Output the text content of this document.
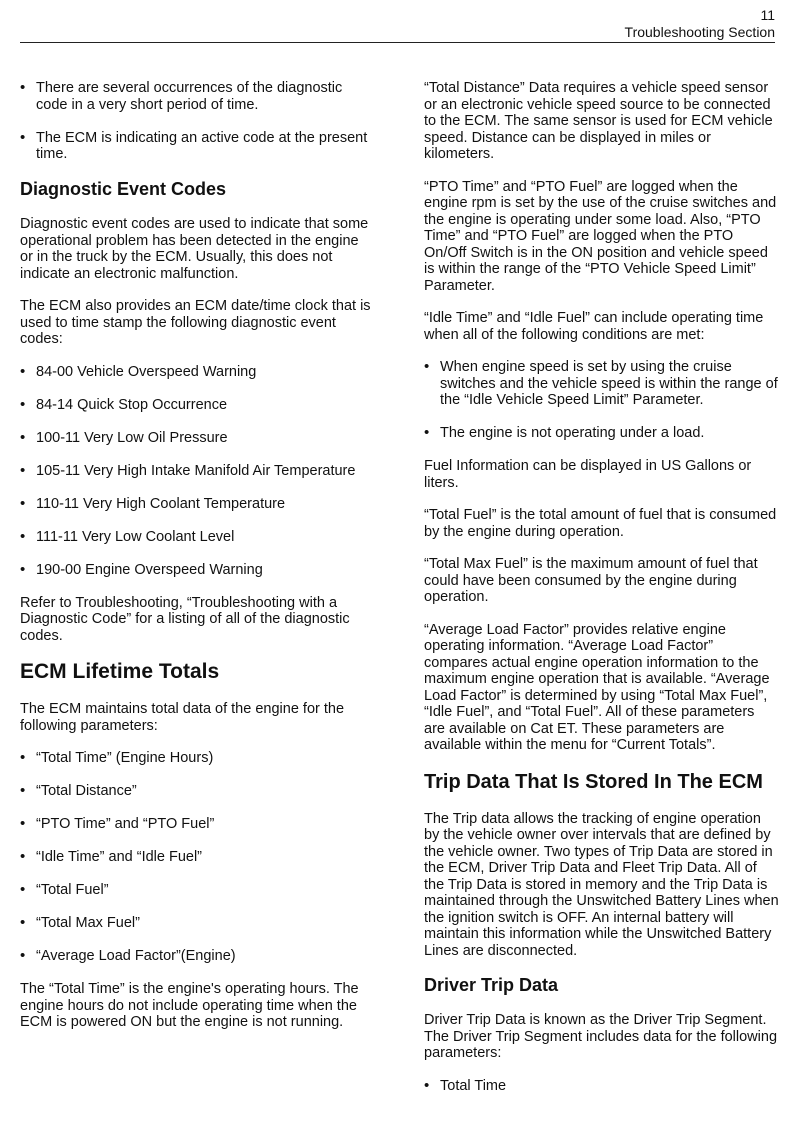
11
Troubleshooting Section
• There are several occurrences of the diagnostic code in a very short period of time.
• The ECM is indicating an active code at the present time.
Diagnostic Event Codes

Diagnostic event codes are used to indicate that some operational problem has been detected in the engine or in the truck by the ECM. Usually, this does not indicate an electronic malfunction.

The ECM also provides an ECM date/time clock that is used to time stamp the following diagnostic event codes:

• 84-00 Vehicle Overspeed Warning
• 84-14 Quick Stop Occurrence
• 100-11 Very Low Oil Pressure
• 105-11 Very High Intake Manifold Air Temperature
• 110-11 Very High Coolant Temperature
• 111-11 Very Low Coolant Level
• 190-00 Engine Overspeed Warning

Refer to Troubleshooting, “Troubleshooting with a Diagnostic Code” for a listing of all of the diagnostic codes.

ECM Lifetime Totals

The ECM maintains total data of the engine for the following parameters:

• “Total Time” (Engine Hours)
• “Total Distance”
• “PTO Time” and “PTO Fuel”
• “Idle Time” and “Idle Fuel”
• “Total Fuel”
• “Total Max Fuel”
• “Average Load Factor”(Engine)

The “Total Time” is the engine's operating hours. The engine hours do not include operating time when the ECM is powered ON but the engine is not running.

“Total Distance” Data requires a vehicle speed sensor or an electronic vehicle speed source to be connected to the ECM. The same sensor is used for ECM vehicle speed. Distance can be displayed in miles or kilometers.

“PTO Time” and “PTO Fuel” are logged when the engine rpm is set by the use of the cruise switches and the engine is operating under some load. Also, “PTO Time” and “PTO Fuel” are logged when the PTO On/Off Switch is in the ON position and vehicle speed is within the range of the “PTO Vehicle Speed Limit” Parameter.

“Idle Time” and “Idle Fuel” can include operating time when all of the following conditions are met:

• When engine speed is set by using the cruise switches and the vehicle speed is within the range of the “Idle Vehicle Speed Limit” Parameter.
• The engine is not operating under a load.

Fuel Information can be displayed in US Gallons or liters.

“Total Fuel” is the total amount of fuel that is consumed by the engine during operation.

“Total Max Fuel” is the maximum amount of fuel that could have been consumed by the engine during operation.

“Average Load Factor” provides relative engine operating information. “Average Load Factor” compares actual engine operation information to the maximum engine operation that is available. “Average Load Factor” is determined by using “Total Max Fuel”, “Idle Fuel”, and “Total Fuel”. All of these parameters are available on Cat ET. These parameters are available within the menu for “Current Totals”.

Trip Data That Is Stored In The ECM

The Trip data allows the tracking of engine operation by the vehicle owner over intervals that are defined by the vehicle owner. Two types of Trip Data are stored in the ECM, Driver Trip Data and Fleet Trip Data. All of the Trip Data is stored in memory and the Trip Data is maintained through the Unswitched Battery Lines when the ignition switch is OFF. An internal battery will maintain this information while the Unswitched Battery Lines are disconnected.

Driver Trip Data

Driver Trip Data is known as the Driver Trip Segment. The Driver Trip Segment includes data for the following parameters:

• Total Time
